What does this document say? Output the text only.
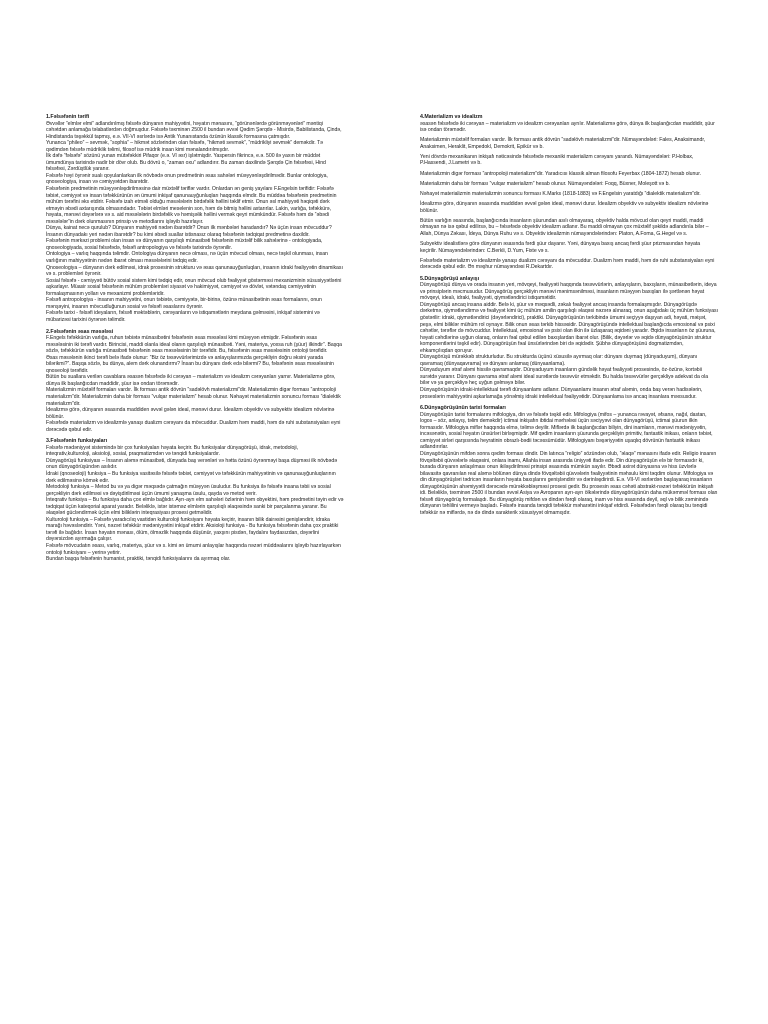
1.Fəlsəfənin tərifi

Əvvəllər “elmlər elmi” adlandırılmış fəlsəfə dünyanın mahiyyətini, həyatın mənasını, “görünənlərdə görünməyənləri” məntiqi cəhətdən anlamağa təlabatlərdən doğmuşdur. Fəlsəfə təxminən 2500 il bundan əvvəl Qədim Şərqdə - Misirdə, Babilistanda, Çində, Hindistanda təşəkkül tapmış, e.ə. VII-VI əsrlərdə isə Antik Yunanıstanda özünün klassik formasına çatmışdır.

Yunanca “phileo” – sevmək, “sophia” – hikmət sözlərindən olan fəlsəfə, “hikməti sevmək”, “müdrikliyi sevmək” deməkdir. Tə qədimdən fəlsəfə müdriklik təlimi, filosof isə müdrik insan kimi mənalandırılmışdır.

İlk dəfə “fəlsəfə” sözünü yunan mütəfəkkiri Pifaqor (e.ə. VI əsr) işlətmişdir. Yaspersin fikrincə, e.ə. 500 ilə yaxın bir müddət ümumdünya tarixində nadir bir dövr olub. Bu dövrü o, “zaman oxu” adlandırır. Bu zaman daxilində Şərqdə Çin fəlsəfəsi, Hind fəlsəfəsi, Zərdüştlük yaranır.

Fəlsəfə həyi öyrənir sualı qoyulanlarkan ilk növbədə onun predmetinin əsas sahələri müəyyənləşdirilmədir. Bunlar ontologiya, qnoseologiya, insan və cəmiyyətdən ibarətdir.

Fəlsəfənin predmetinin müəyyənləşdirilməsinə dair müxtəlif təriflər vardır. Onlardan ən geniş yayılanı F.Engelsin tərifidir: Fəlsəfə təbiət, cəmiyyət və insan təfəkkürünün ən ümumi inkişaf qanunauyğunluqları haqqında elmdir. Bu müddəa fəlsəfənin predmetinin mühüm tərəfini əks etdirir. Fəlsəfə izah etməli olduğu məsələlərin birdəfəlik həllini təklif etmir. Onun əsl mahiyyəti həqiqəti dərk etməyin əbədi axtarışında olmasındadır. Təbiət elmləri meselenin son, həm də bitmiş həllini axtarırlar. Lakin, varlığa, təfəkkürə, həyata, mənəvi dəyərlərə və s. aid məsələlərin birdəfəlik və həmişəlik həllini vermək qeyri mümkündür. Fəlsəfə həm də “əbədi məsələlər”in dərk olunmasının prinsip və metodlarını işləyib hazırlayır.

Dünya, kainat necə qurulub? Dünyanın mahiyyəti nədən ibarətdir? Onun ilk mənbələri haradandır? Nə üçün insan mövcuddur? İnsanın dünyadakı yeri nədən ibarətdir? bu kimi əbədi suallar istisnasız olaraq fəlsəfənin tədqiqat predmetinə daxildir.

Fəlsəfənin mərkəzi problemi olan insan və dünyanın qarşılıqlı münasibəti fəlsəfənin müxtəlif bilik sahələrinə - ontologiyada, qnoseologiyada, sosial fəlsəfədə, fəlsəfi antropologiya və fəlsəfə tarixində öyrənilir.

Ontologiya – varlıq haqqında təlimdir. Ontologiya dünyanın necə olması, nə üçün mövcud olması, necə təşkil olunması, insan varlığının mahiyyətinin nədən ibarət olması məsələlərini tədqiq edir.

Qnoseologiya – dünyanın dərk edilməsi, idrak prosesinin strukturu və əsas qanunauyğunluqları, insanın idraki fəaliyyətin dinamikası və s. problemləri öyrənir.

Sosial fəlsəfə - cəmiyyəti bütöv sosial sistem kimi tədqiq edir, onun mövcud olub fəaliyyət göstərməsi mexanizminin xüsusiyyətlərini aşkarlayır. Müasir sosial fəlsəfənin mühüm problemləri siyasət və hakimiyyət, cəmiyyət və dövlət, vətəndaş cəmiyyətinin formalaşmasının yolları və mexanizmi problemləridir.

Fəlsəfi antropologiya - insanın mahiyyətini, onun təbiətə, cəmiyyətə, bir-birinə, özünə münasibətinin əsas formalarını, onun mənşəyini, insanın mövcudluğunun sosial və fəlsəfi əsaslarını öyrənir.

Fəlsəfə tarixi - fəlsəfi ideyaların, fəlsəfi məktəblərin, cərəyanların və istiqamətlərin meydana gəlməsini, inkişaf sistemini və mübarizəsi tarixini öyrənən təlimdir.

2.Fəlsəfənin əsas məsələsi

F.Engels fəfəkkürün varlığa, ruhun təbiətə münasibətini fəlsəfənin əsas məsələsi kimi müəyyən etmişdir. Fəlsəfənin əsas məsələsinin iki tərəfi vardır. Birincisi, maddi olanla ideal olanın qarşılıqlı münasibəti. Yəni, materiya, yoxsa ruh (şüur) ilkindir”. Başqa sözlə, təfəkkürün varlığa münasibəti fəlsəfənin əsas məsələsinin bir tərəfidir. Bu, fəlsəfənin əsas məsələsinin ontoloji tərəfidir.

Əsas məsələnin ikinci tərəfi belə ifadə olunur: “Biz öz təsəvvürlərimizdə və anlayışlarımızda gerçəkliyin doğru əksini yarada bilərikmi?”. Başqa sözlə, bu dünya, alem dərk olunandırmı? İnsan bu dünyanı dərk edə bilərmi? Bu, fəlsəfənin əsas məsələsinin qnoseoloji tərəfidir.

Bütün bu suallara verilən cavablara əsasən fəlsəfədə iki cərəyan – materializm və idealizm cərəyanları yarnır. Materializmə görə, dünya ilk başlanğıcdan maddidir, şüur isə ondan törəmədir.

Materializmin müxtəlif formaları vardır. İlk forması antik dövrün “sadəlövh materializmi”dir. Materializmin digər forması “antropoloji materializm”dir. Materializmin daha bir forması “vulqar materializm” hesab olunur. Nəhayət materializmin sonuncu forması “dialektik materializm”dir.

İdealizmə görə, dünyanın əsasında maddiden əvvəl gələn ideal, mənəvi durur. İdealizm obyektiv və subyektiv idealizm növlərinə bölünür.

Fəlsəfədə materializm və idealizmlə yanaşı dualizm cərəyanı da mövcuddur. Dualizm həm maddi, həm də ruhi substansiyaları eyni dərəcədə qəbul edir.

3.Fəlsəfənin funksiyaları

Fəlsəfə mədəniyyət sistemində bir çox funksiyaları həyata keçirir. Bu funksiyalar dünyagörüşü, idrak, metodoloji, inteqrativ,kulturoloji, aksioloji, sosial, praqmatizmdən və tənqidi funksiyalardır.

Dünyagörüşü funksiyası – İnsanın aləmə münasibəti, dünyada baş verənləri və hətta özünü öyrənməyi başa düşməsi ilk növbədə onun dünyagörüşündən asılıdır.

İdraki (qnoseoloji) funksiya – Bu funksiya vasitəsilə fəlsəfə təbiət, cəmiyyət və təfəkkürün mahiyyətinin və qanunauyğunluqlarının dərk edilməsinə kömək edir.

Metodoloji funksiya – Metod bu və ya digər məqsədə çatmağın müəyyən üsuludur. Bu funksiya ilə fəlsəfə insana təbii və sosial gerçəkliyin dərk edilməsi və dəyişdirilməsi üçün ümumi yanaşma üsulu, qayda və metod verir.

İnteqrativ funksiya – Bu funksiya daha çox elmlə bağlıdır. Ayrı-ayrı elm sahələri özlərinin həm obyektini, həm predmetini təyin edir və tədqiqat üçün kateqorial aparat yaradır. Beləliklə, istər istəməz elmlərin qarşılıqlı əlaqəsində sanki bir parçalanma yaranır. Bu əlaqələri gücləndirmək üçün elmi biliklərin inteqrasiyası prosesi getməlidir.

Kulturoloji funksiya – Fəlsəfə yaradıcılıq vastidən kulturoloji funksiyanı həyata keçirir, insanın bilik dairəsini genişləndirir, idraka marağı həvəsləndirir. Yəni, nəzəri təfəkkür mədəniyyətini inkişaf etdirir. Aksioloji funksiya - Bu funksiya fəlsəfənin daha çox praktiki tərəfi ilə bağlıdır. İnsan həyatın mənası, ölüm, ölməzlik haqqında düşünür, yaxşını pisdən, faydalını faydasızdan, dəyərlini dəyərsizdən ayırmağa çalışır.

Fəlsəfə mövcudatın əsası, varlıq, materiya, şüur və s. kimi ən ümumi anlayışlar haqqında nəzəri müddəalarını işləyib hazırlayarkən ontoloji funksiyanı – yerinə yetirir.

Bundan başqa fəlsəfənin humanist, praktiki, tənqidi funksiyalarını da ayırmaq olar.

4.Materializm və idealizm

əsasən fəlsəfədə iki cərəyan – materializm və idealizm cərəyanları ayrılır. Materializmə görə, dünya ilk başlanğıcdan maddidir, şüur isə ondan törəmədir.

Materializmin müxtəlif formaları vardır. İlk forması antik dövrün “sadəlövh materializmi”dir. Nümayəndələri: Fales, Anaksimandr, Anaksimen, Heraklit, Empedokl, Demokrit, Epikür və b.

Yeni dövrdə mexanikanın inkişafı nəticəsində fəlsəfədə mexaniki materializm cərəyanı yarandı. Nümayəndələri: P.Holbax, P.Hassendi, J.Lametri və b.

Materializmin digər forması “antropoloji materializm”dir. Yaradıcısı klassik alman filosofu Feyerbax (1804-1872) hesab olunur.

Materializmin daha bir forması “vulqar materializm” hesab olunur. Nümayəndələri: Foqq, Büxner, Moleşott və b.

Nəhayət materializmin materializmin sonuncu forması K.Marks (1818-1883) və F.Engelsin yaratdığı “dialektik materializm”dir.

İdealizmə görə, dünyanın əsasında maddidən əvvəl gələn ideal, mənəvi durur. İdealizm obyektiv və subyektiv idealizm növlərinə bölünür.

Bütün varlığın əsasında, başlanğıcında insanların şüurundan asılı olmayaraq, obyektiv halda mövcud olan qeyri maddi, maddi olmayan nə isə qəbul edilirsə, bu – fəlsəfədə obyektiv idealizm adlanır. Bu maddi olmayan çox müxtəlif şəkildə adlandırıla bilər – Allah, Dünya Zəkası, İdeya, Dünya Ruhu və s. Obyektiv idealizmin nümayəndələrindən: Platon, A.Foma, G.Hegel və s.

Subyektiv idealistlərə görə dünyanın əsasında fərdi şüur dayanır. Yəni, dünyaya baxış ancaq fərdi şüur prizmasından həyata keçirilir. Nümayəndələrindən: C.Berkli, D.Yum, Fixte və s.

Fəlsəfədə materializm və idealizmlə yanaşı dualizm cərəyanı da mövcuddur. Dualizm həm maddi, həm də ruhi substansiyaları eyni dərəcədə qəbul edir. Ən məşhur nümayəndəsi R.Dekartdır.

5.Dünyagörüşü anlayışı

Dünyagörüşü dünya və orada insanın yeri, mövqeyi, fəaliyyəti haqqında təsəvvürlərin, anlayışların, baxışların, münasibətlərin, ideya və prinsiplərin məcmusudur. Dünyagörüş gerçəkliyin mənəvi mənimsənilməsi, insanların müəyyən baxışları ilə şərtlənən həyat mövqeyi, idealı, idraki, fəaliyyəti, qiymətləndirici istiqamətidir.

Dünyagörüşü ancaq insana aiddir. Belə ki, şüur və məqsədli, zəkalı fəaliyyət ancaq insanda formalaşmışdır. Dünyagörüşdə dərketmə, qiymətləndirmə və fəaliyyət kimi üç mühüm amilin qarşılıqlı əlaqəsi nəzərə alınaraq, onun aşağıdakı üç mühüm funksiyası göstərilir: idraki, qiymətləndirici (dəyərləndirici), praktiki. Dünyagörüşünün tərkibində ümumi seçiyyə daşıyan adi, həyati, məişət, peşə, elmi biliklər mühüm rol oynayır. Bilik onun əsas tərkib hissəsidir. Dünyagörüşündə intellektual başlanğıcda emosional və psixi cəhətlər, tərəflər də mövcuddur. İntellektual, emosional və psixi olan ilkin ilə üzlaşaraq əqidəni yaradır. Əqidə insanların öz şüuruna, həyati cəhdlərinə uyğun olaraq, onların fəal qəbul edilən baxışlardan ibarət olur. (Bilik, dəyərlər və əqidə dünyagörüşünün struktur komponentlərini təşkil edir). Dünyagörüşün fəal ünsürlərindən biri də əqidədir. Şübhə dünyagörüşünü dogmatizmdən, ehkamçılıqdan qoruyur.

Dünyagörüşü mürəkkəb strukturludur. Bu strukturda üçünü xüsusilə ayırmaq olar: dünyanı duymaq (dünyaduyum), dünyanı qavramaq (dünyaqavrama) və dünyanı anlamaq (dünyaanlama).

Dünyaduyum ətraf aləmi hissilə qavramaqdır. Dünyaduyum insanların gündəlik həyat fəaliyyəti prosesində, öz-özünə, kortəbii surətdə yaranır. Dünyanı qavrama ətraf aləmi ideal surətlərdə təsəvvür etməkdir. Bu halda təsəvvürlər gerçəkliyə adekvat da ola bilər və ya gerçəkliyə heç uyğun gəlməyə bilər.

Dünyagörüşünün idraki-intellektual tərəfi dünyaanlamı adlanır. Dünyaanlamı insanın ətraf aləmin, onda baş verən hadisələrin, proseslərin mahiyyətini aşkarlamağa yönəlmiş idraki intellektual fəaliyyətidir. Dünyaanlama isə ancaq insanlara məxsusdur.

6.Dünyagörüşünün tarixi formaları

Dünyagörüşün tarixi formalarını mifologiya, din və fəlsəfə təşkil edir. Mifologiya (mifos – yunanca rəvayət, əfsanə, nağıl, dastan, logos – söz, anlayış, təlim deməkdir) ictimai inkişafın ibtidai mərhələsi üçün səciyyəvi olan dünyagörüşü, ictimai şüurun ilkin formasıdır. Mifologiya miflər haqqında elmə, təlimə deyilir. Miflərdə ilk başlanğıcdan biliyin, dini inamların, mənəvi mədəniyyətin, incəsənətin, sosial həyatın ünsürləri birləşmişdir. Mif qədim insanların şüurunda gerçəkliyin primitiv, fantastik inikası, onların təbiət, cəmiyyət sirləri qarşısında heyratinin obrazlı-bədii təcəssümüdür. Mifologiyanı bəşəriyyətin uşaqlıq dövrünün fantastik inikası adlandırırlar.

Dünyagörüşünün mifdən sonra qədim forması dindir. Din latınca “religio” sözündən olub, “əlaqə” mənasını ifadə edir. Religio insanın fövqəltəbii qüvvələrlə əlaqəsini, onlara inamı, Allahla insan arasında üniyyəti ifadə edir. Din dünyagörüşün elə bir formasıdır ki, burada dünyanın anlaşılması onun ikiləşdirilməsi prinsipi əsasında mümkün sayılır. Əbədi axirət dünyasına və hiss üzvlərlə bilavasitə qavranılan real aləmə bölünən dünya dində fövqəltəbii qüvvələrin fəaliyyətinin məhsulu kimi təqdim olunur. Mifologiya və din dünyagörüşləri tədricən insanların həyata baxışlarını genişləndirir və dərinləşdirirdi. E.ə. VII-VI əsrlərdən başlayaraq insanların dünyagörüşünün ahəmiyyətli dərəcədə mürəkkəbləşməsi prosesi gedir. Bu prosesin əsas cəhəti abstrakt-nəzəri təfəkkürün inkişafı idi. Beləliklə, təxminən 2500 il bundan əvvəl Asiya və Avropanın ayrı-ayrı ölkələrində dünyagörüşünün daha mükəmməl forması olan fəlsəfi dünyagörüş formalaşdı. Bu dünyagörüş mifdən və dindən fərqli olaraq, inam və hiss əsasında deyil, əql və bilik zəminində dünyanın təhlilini vermeyə başladı. Fəlsəfə insanda tənqidi təfəkkür məharətini inkişaf etdirdi. Fəlsəfədən fərqli olaraq bu tənqidi təfəkkür nə miflərdə, nə də dində xarakterik xüsusiyyət olmamışdır.
